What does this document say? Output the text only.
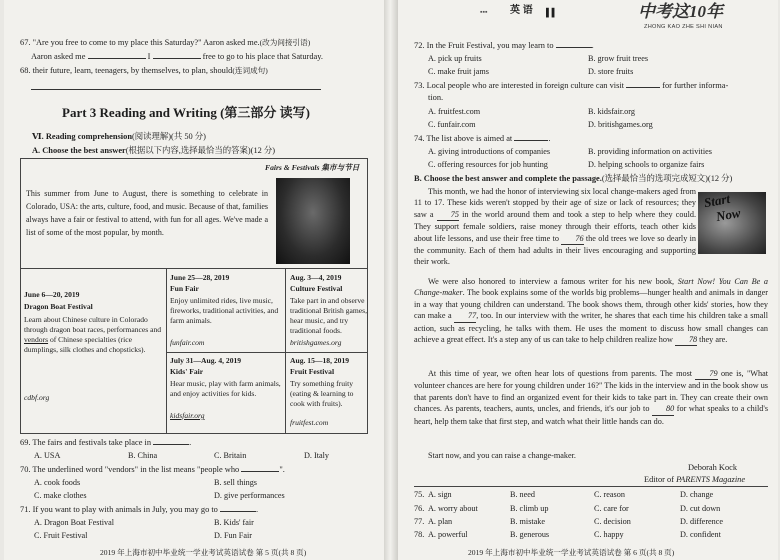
67. "Are you free to come to my place this Saturday?" Aaron asked me.(改为间接引语)
Aaron asked me	I	free to go to his place that Saturday.
68. their future, learn, teenagers, by themselves, to plan, should(连词成句)
Part 3 Reading and Writing (第三部分 读写)
Ⅵ. Reading comprehension(阅读理解)(共 50 分)
A. Choose the best answer(根据以下内容,选择最恰当的答案)(12 分)
Fairs & Festivals 集市与节日
This summer from June to August, there is something to celebrate in Colorado, USA: the arts, culture, food, and music. Because of that, families always have a fair or festival to attend, with fun for all ages. We've made a list of some of the most popular, by month.
June 25—28, 2019
Fun Fair
Enjoy unlimited rides, live music, fireworks, traditional activities, and farm animals.
funfair.com
Aug. 3—4, 2019
Culture Festival
Take part in and observe traditional British games, hear music, and try traditional foods.
britishgames.org
June 6—20, 2019
Dragon Boat Festival
Learn about Chinese culture in Colorado through dragon boat races, performances and vendors of Chinese specialties (rice dumplings, silk clothes and chopsticks).
cdbf.org
July 31—Aug. 4, 2019
Kids' Fair
Hear music, play with farm animals, and enjoy activities for kids.
kidsfair.org
Aug. 15—18, 2019
Fruit Festival
Try something fruity (eating & learning to cook with fruits).
fruitfest.com
69. The fairs and festivals take place in	.
A. USA	B. China	C. Britain	D. Italy
70. The underlined word "vendors" in the list means "people who	".
A. cook foods	B. sell things
C. make clothes	D. give performances
71. If you want to play with animals in July, you may go to	.
A. Dragon Boat Festival	B. Kids' fair
C. Fruit Festival	D. Fun Fair
2019 年上海市初中毕业统一学业考试英语试卷 第 5 页(共 8 页)
▪▪▪ 英 语 ▌▌	中考这10年
ZHONG KAO ZHE SHI NIAN
72. In the Fruit Festival, you may learn to	.
A. pick up fruits	B. grow fruit trees
C. make fruit jams	D. store fruits
73. Local people who are interested in foreign culture can visit	for further informa-
tion.
A. fruitfest.com	B. kidsfair.org
C. funfair.com	D. britishgames.org
74. The list above is aimed at	.
A. giving introductions of companies	B. providing information on activities
C. offering resources for job hunting	D. helping schools to organize fairs
B. Choose the best answer and complete the passage.(选择最恰当的选项完成短文)(12 分)
Start
Now
This month, we had the honor of interviewing six local change-makers aged from 11 to 17. These kids weren't stopped by their age of size or lack of resources; they saw a 75 in the world around them and took a step to help where they could. They support female soldiers, raise money through their efforts, teach other kids about life lessons, and use their free time to 76 the old trees we love so dearly in the community. Each of them had adults in their lives encouraging and supporting their work.
We were also honored to interview a famous writer for his new book, Start Now! You Can Be a Change-maker. The book explains some of the worlds big problems—hunger health and animals in danger in a way that young children can understand. The book shows them, through other kids' stories, how they can make a 77, too. In our interview with the writer, he shares that each time his children take a small action, such as recycling, he talks with them. He uses the moment to discuss how small changes can achieve a great effect. It's a step any of us can take to help children realize how 78 they are.
At this time of year, we often hear lots of questions from parents. The most 79 one is, "What volunteer chances are here for young children under 16?" The kids in the interview and in the book show us that parents don't have to find an organized event for their kids to take part in. They can create their own chances. As parents, teachers, aunts, uncles, and friends, it's our job to 80 for what speaks to a child's heart, help them take that first step, and watch what their little hands can do.
Start now, and you can raise a change-maker.
Deborah Kock
Editor of PARENTS Magazine
75. A. sign	B. need	C. reason	D. change
76. A. worry about	B. climb up	C. care for	D. cut down
77. A. plan	B. mistake	C. decision	D. difference
78. A. powerful	B. generous	C. happy	D. confident
2019 年上海市初中毕业统一学业考试英语试卷 第 6 页(共 8 页)
